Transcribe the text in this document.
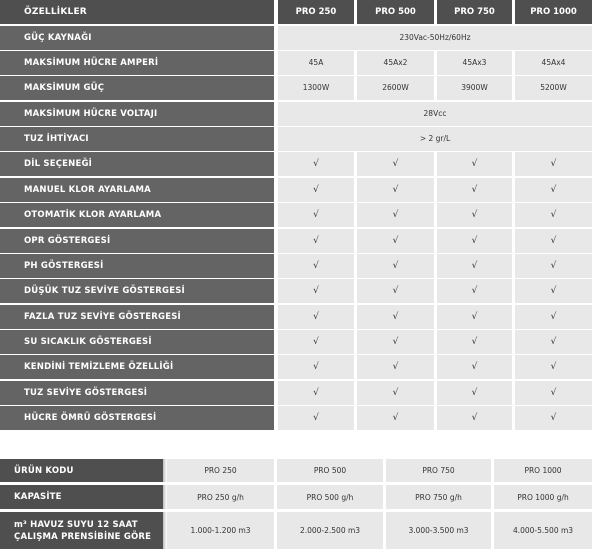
ÖZELLİKLER	PRO 250	PRO 500	PRO 750	PRO 1000
GÜÇ KAYNAĞI	230Vac-50Hz/60Hz
MAKSİMUM HÜCRE AMPERİ	45A	45Ax2	45Ax3	45Ax4
MAKSİMUM GÜÇ	1300W	2600W	3900W	5200W
MAKSİMUM HÜCRE VOLTAJI	28Vcc
TUZ İHTİYACI	> 2 gr/L
DİL SEÇENEĞİ	√	√	√	√
MANUEL KLOR AYARLAMA	√	√	√	√
OTOMATİK KLOR AYARLAMA	√	√	√	√
OPR GÖSTERGESİ	√	√	√	√
PH GÖSTERGESİ	√	√	√	√
DÜŞÜK TUZ SEVİYE GÖSTERGESİ	√	√	√	√
FAZLA TUZ SEVİYE GÖSTERGESİ	√	√	√	√
SU SICAKLIK GÖSTERGESİ	√	√	√	√
KENDİNİ TEMİZLEME ÖZELLİĞİ	√	√	√	√
TUZ SEVİYE GÖSTERGESİ	√	√	√	√
HÜCRE ÖMRÜ GÖSTERGESİ	√	√	√	√
ÜRÜN KODU	PRO 250	PRO 500	PRO 750	PRO 1000
KAPASİTE	PRO 250 g/h	PRO 500 g/h	PRO 750 g/h	PRO 1000 g/h
m³ HAVUZ SUYU 12 SAAT
ÇALIŞMA PRENSİBİNE GÖRE
1.000-1.200 m3	2.000-2.500 m3	3.000-3.500 m3	4.000-5.500 m3
